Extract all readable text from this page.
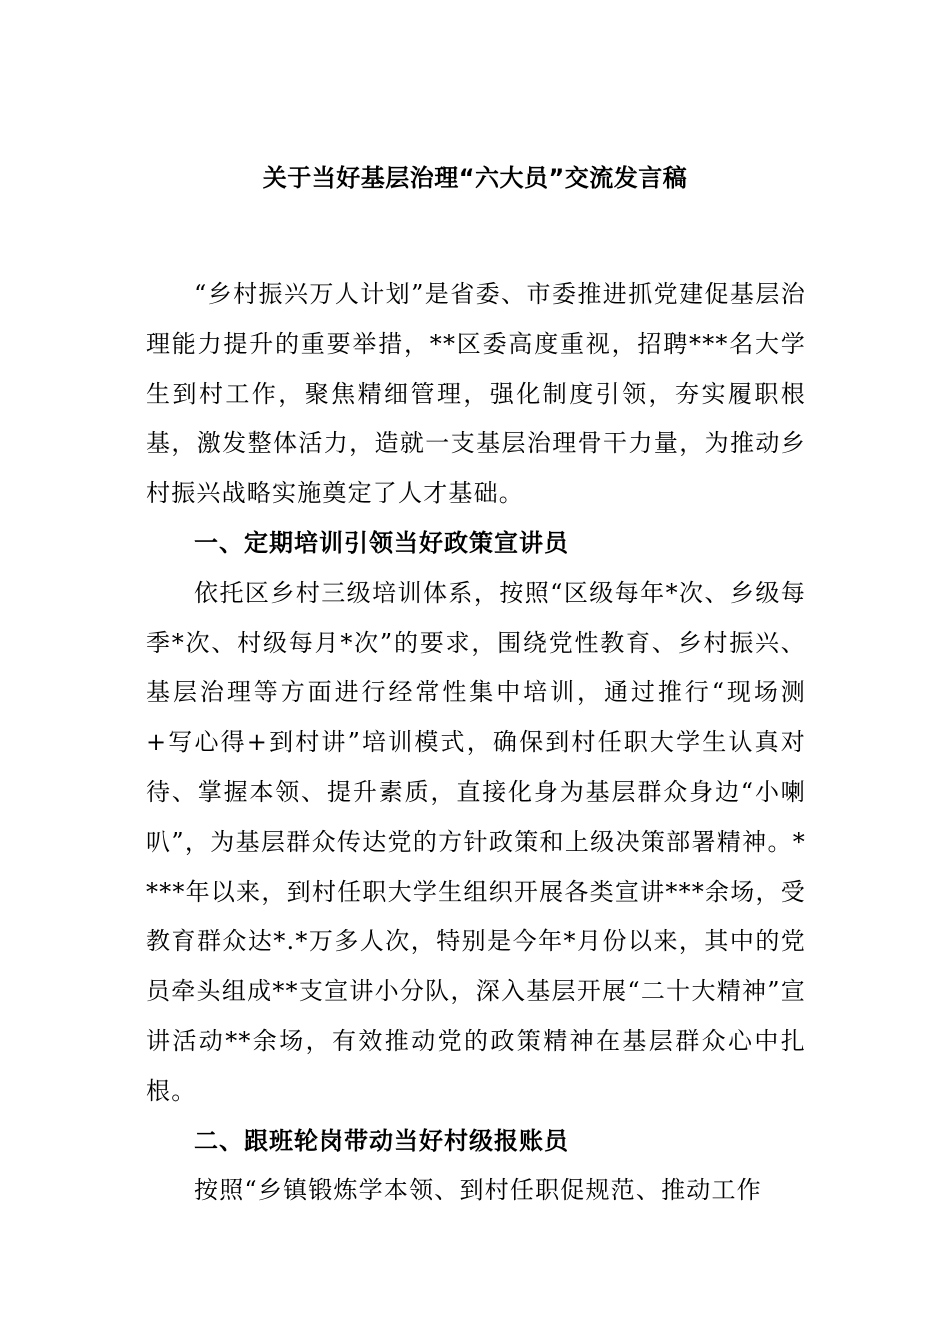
关于当好基层治理“六大员”交流发言稿

“乡村振兴万人计划”是省委、市委推进抓党建促基层治理能力提升的重要举措，**区委高度重视，招聘***名大学生到村工作，聚焦精细管理，强化制度引领，夯实履职根基，激发整体活力，造就一支基层治理骨干力量，为推动乡村振兴战略实施奠定了人才基础。

一、定期培训引领当好政策宣讲员

依托区乡村三级培训体系，按照“区级每年*次、乡级每季*次、村级每月*次”的要求，围绕党性教育、乡村振兴、基层治理等方面进行经常性集中培训，通过推行“现场测+写心得+到村讲”培训模式，确保到村任职大学生认真对待、掌握本领、提升素质，直接化身为基层群众身边“小喇叭”，为基层群众传达党的方针政策和上级决策部署精神。****年以来，到村任职大学生组织开展各类宣讲***余场，受教育群众达*.*万多人次，特别是今年*月份以来，其中的党员牵头组成**支宣讲小分队，深入基层开展“二十大精神”宣讲活动**余场，有效推动党的政策精神在基层群众心中扎根。

二、跟班轮岗带动当好村级报账员

按照“乡镇锻炼学本领、到村任职促规范、推动工作
